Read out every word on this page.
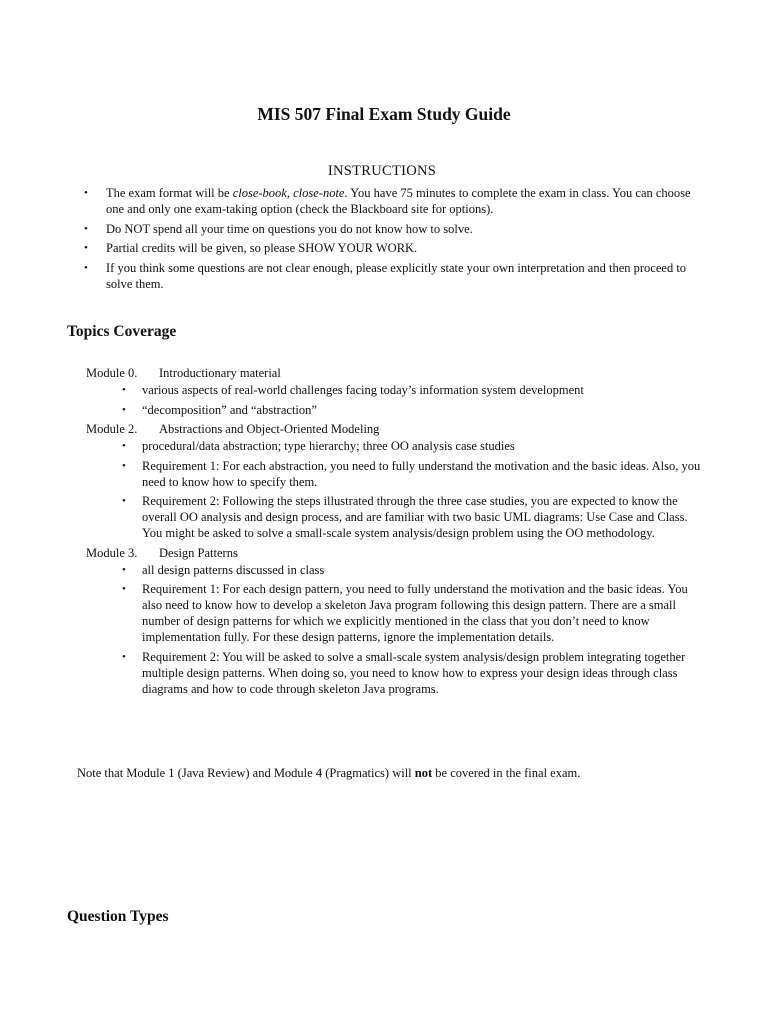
MIS 507 Final Exam Study Guide
INSTRUCTIONS
• The exam format will be close-book, close-note. You have 75 minutes to complete the exam in class. You can choose one and only one exam-taking option (check the Blackboard site for options).
• Do NOT spend all your time on questions you do not know how to solve.
• Partial credits will be given, so please SHOW YOUR WORK.
• If you think some questions are not clear enough, please explicitly state your own interpretation and then proceed to solve them.
Topics Coverage
Module 0.	Introductionary material
• various aspects of real-world challenges facing today’s information system development
• “decomposition” and “abstraction”
Module 2.	Abstractions and Object-Oriented Modeling
• procedural/data abstraction; type hierarchy; three OO analysis case studies
• Requirement 1: For each abstraction, you need to fully understand the motivation and the basic ideas. Also, you need to know how to specify them.
• Requirement 2: Following the steps illustrated through the three case studies, you are expected to know the overall OO analysis and design process, and are familiar with two basic UML diagrams: Use Case and Class. You might be asked to solve a small-scale system analysis/design problem using the OO methodology.
Module 3.	Design Patterns
• all design patterns discussed in class
• Requirement 1: For each design pattern, you need to fully understand the motivation and the basic ideas. You also need to know how to develop a skeleton Java program following this design pattern. There are a small number of design patterns for which we explicitly mentioned in the class that you don’t need to know implementation fully. For these design patterns, ignore the implementation details.
• Requirement 2: You will be asked to solve a small-scale system analysis/design problem integrating together multiple design patterns. When doing so, you need to know how to express your design ideas through class diagrams and how to code through skeleton Java programs.
Note that Module 1 (Java Review) and Module 4 (Pragmatics) will not be covered in the final exam.
Question Types
